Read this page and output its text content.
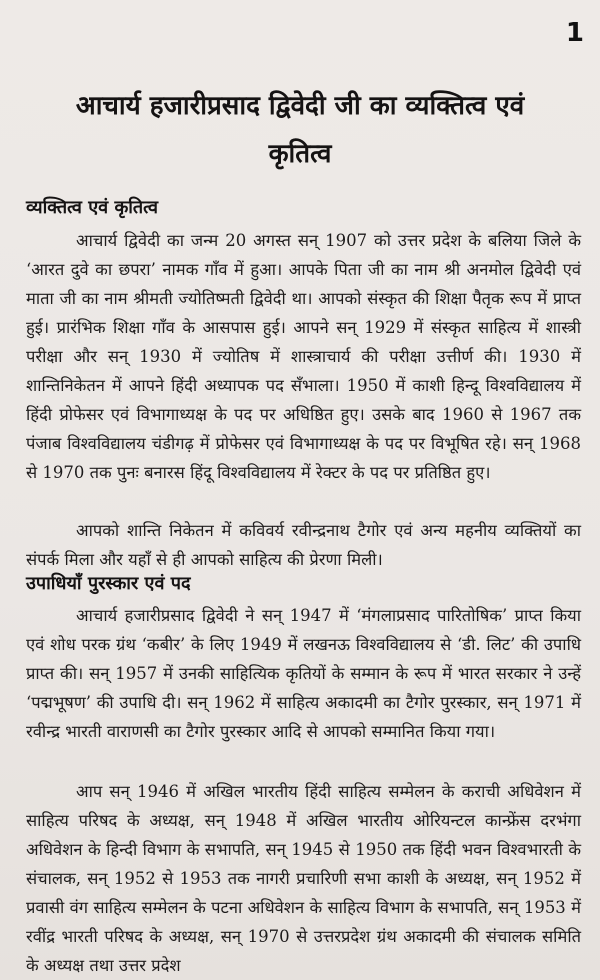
1
आचार्य हजारीप्रसाद द्विवेदी जी का व्यक्तित्व एवं कृतित्व
व्यक्तित्व एवं कृतित्व

आचार्य द्विवेदी का जन्म 20 अगस्त सन् 1907 को उत्तर प्रदेश के बलिया जिले के ‘आरत दुवे का छपरा’ नामक गाँव में हुआ। आपके पिता जी का नाम श्री अनमोल द्विवेदी एवं माता जी का नाम श्रीमती ज्योतिष्मती द्विवेदी था। आपको संस्कृत की शिक्षा पैतृक रूप में प्राप्त हुई। प्रारंभिक शिक्षा गाँव के आसपास हुई। आपने सन् 1929 में संस्कृत साहित्य में शास्त्री परीक्षा और सन् 1930 में ज्योतिष में शास्त्राचार्य की परीक्षा उत्तीर्ण की। 1930 में शान्तिनिकेतन में आपने हिंदी अध्यापक पद सँभाला। 1950 में काशी हिन्दू विश्वविद्यालय में हिंदी प्रोफेसर एवं विभागाध्यक्ष के पद पर अधिष्ठित हुए। उसके बाद 1960 से 1967 तक पंजाब विश्वविद्यालय चंडीगढ़ में प्रोफेसर एवं विभागाध्यक्ष के पद पर विभूषित रहे। सन् 1968 से 1970 तक पुनः बनारस हिंदू विश्वविद्यालय में रेक्टर के पद पर प्रतिष्ठित हुए।

आपको शान्ति निकेतन में कविवर्य रवीन्द्रनाथ टैगोर एवं अन्य महनीय व्यक्तियों का संपर्क मिला और यहाँ से ही आपको साहित्य की प्रेरणा मिली।

उपाधियाँ पुरस्कार एवं पद

आचार्य हजारीप्रसाद द्विवेदी ने सन् 1947 में ‘मंगलाप्रसाद पारितोषिक’ प्राप्त किया एवं शोध परक ग्रंथ ‘कबीर’ के लिए 1949 में लखनऊ विश्वविद्यालय से ‘डी. लिट’ की उपाधि प्राप्त की। सन् 1957 में उनकी साहित्यिक कृतियों के सम्मान के रूप में भारत सरकार ने उन्हें ‘पद्मभूषण’ की उपाधि दी। सन् 1962 में साहित्य अकादमी का टैगोर पुरस्कार, सन् 1971 में रवीन्द्र भारती वाराणसी का टैगोर पुरस्कार आदि से आपको सम्मानित किया गया।

आप सन् 1946 में अखिल भारतीय हिंदी साहित्य सम्मेलन के कराची अधिवेशन में साहित्य परिषद के अध्यक्ष, सन् 1948 में अखिल भारतीय ओरियन्टल कान्फ्रेंस दरभंगा अधिवेशन के हिन्दी विभाग के सभापति, सन् 1945 से 1950 तक हिंदी भवन विश्वभारती के संचालक, सन् 1952 से 1953 तक नागरी प्रचारिणी सभा काशी के अध्यक्ष, सन् 1952 में प्रवासी वंग साहित्य सम्मेलन के पटना अधिवेशन के साहित्य विभाग के सभापति, सन् 1953 में रवींद्र भारती परिषद के अध्यक्ष, सन् 1970 से उत्तरप्रदेश ग्रंथ अकादमी की संचालक समिति के अध्यक्ष तथा उत्तर प्रदेश
